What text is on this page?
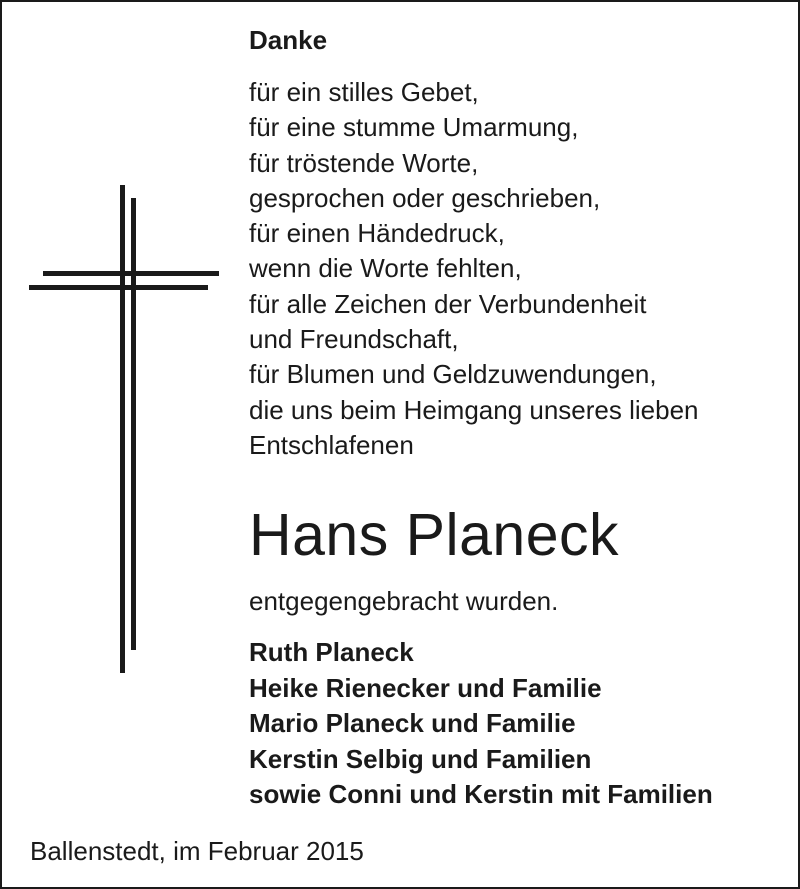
Danke
für ein stilles Gebet,
für eine stumme Umarmung,
für tröstende Worte,
gesprochen oder geschrieben,
für einen Händedruck,
wenn die Worte fehlten,
für alle Zeichen der Verbundenheit
und Freundschaft,
für Blumen und Geldzuwendungen,
die uns beim Heimgang unseres lieben
Entschlafenen
Hans Planeck
entgegengebracht wurden.
Ruth Planeck
Heike Rienecker und Familie
Mario Planeck und Familie
Kerstin Selbig und Familien
sowie Conni und Kerstin mit Familien
Ballenstedt, im Februar 2015
